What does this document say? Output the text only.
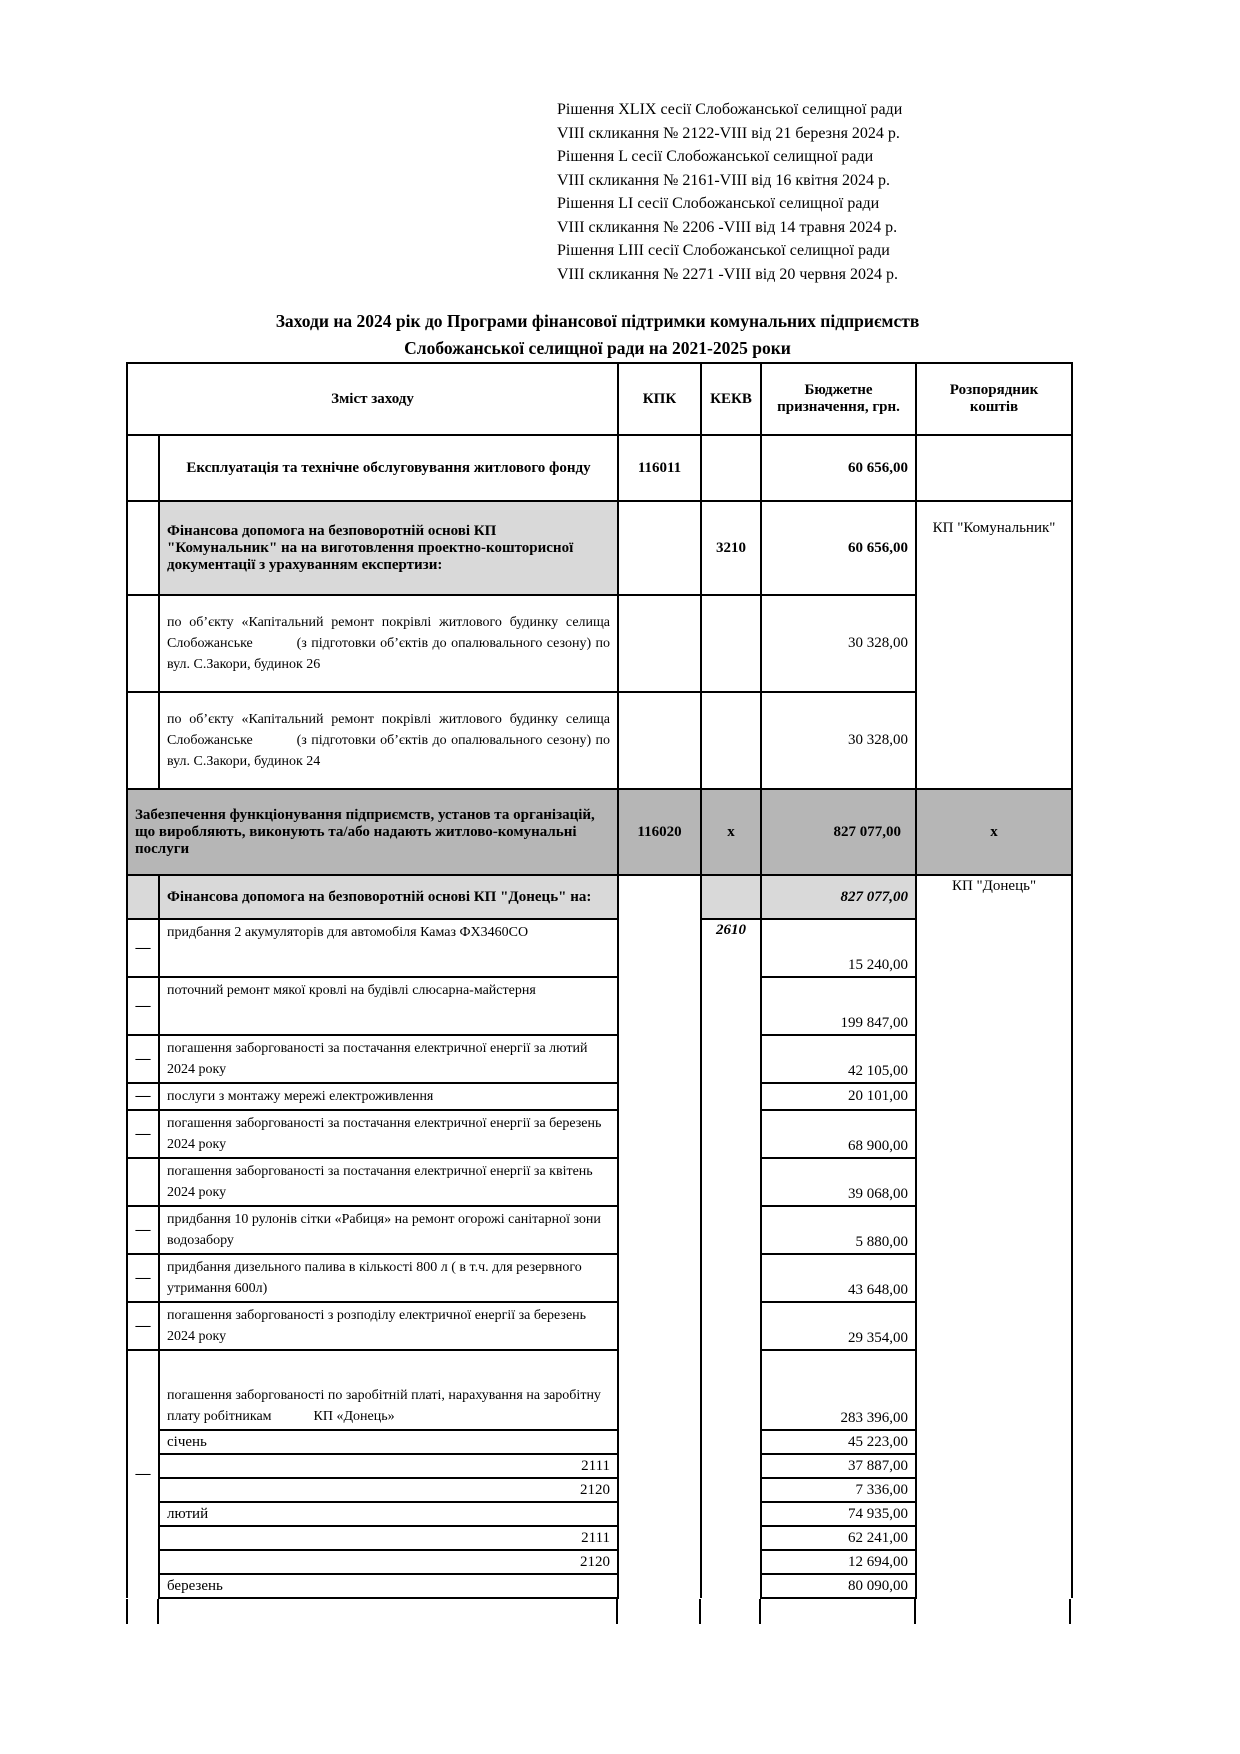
Рішення XLIX сесії Слобожанської селищної ради
VIII скликання № 2122-VIII від 21 березня 2024 р.
Рішення L сесії Слобожанської селищної ради
VIII скликання № 2161-VIII від 16 квітня 2024 р.
Рішення LI сесії Слобожанської селищної ради
VIII скликання № 2206 -VIII від 14 травня 2024 р.
Рішення LIII сесії Слобожанської селищної ради
VIII скликання № 2271 -VIII від 20 червня 2024 р.
Заходи на 2024 рік до Програми фінансової підтримки комунальних підприємств
Слобожанської селищної ради на 2021-2025 роки
Зміст заходу		КПК	КЕКВ	Бюджетне призначення, грн.	Розпорядник коштів
	Експлуатація та технічне обслуговування житлового фонду	116011		60 656,00	
	Фінансова допомога на безповоротній основі КП "Комунальник" на на виготовлення проектно-кошторисної документації з урахуванням експертизи:		3210	60 656,00	КП "Комунальник"
	по об’єкту «Капітальний ремонт покрівлі житлового будинку селища Слобожанське          (з підготовки об’єктів до опалювального сезону) по вул. С.Закори, будинок 26			30 328,00	
	по об’єкту «Капітальний ремонт покрівлі житлового будинку селища Слобожанське          (з підготовки об’єктів до опалювального сезону) по вул. С.Закори, будинок 24			30 328,00	
Забезпечення функціонування підприємств, установ та організацій, що виробляють, виконують та/або надають житлово-комунальні послуги		116020	x	827 077,00	x
	Фінансова допомога на безповоротній основі КП "Донець" на:			827 077,00	КП "Донець"
—	придбання 2 акумуляторів для автомобіля Камаз ФХ3460СО		2610	15 240,00	
—	поточний ремонт мякої кровлі на будівлі слюсарна-майстерня			199 847,00	
—	погашення заборгованості за постачання електричної енергії за лютий 2024 року			42 105,00	
—	послуги з монтажу мережі електроживлення			20 101,00	
—	погашення заборгованості за постачання електричної енергії за березень 2024 року			68 900,00	
	погашення заборгованості за постачання електричної енергії за квітень 2024 року			39 068,00	
—	придбання 10 рулонів сітки «Рабиця» на ремонт огорожі санітарної зони водозабору			5 880,00	
—	придбання дизельного палива в кількості 800 л ( в т.ч. для резервного утримання 600л)			43 648,00	
—	погашення заборгованості з розподілу електричної енергії за березень 2024 року			29 354,00	
—	погашення заборгованості по заробітній платі, нарахування на заробітну плату робітникам            КП «Донець»			283 396,00	
	січень			45 223,00	
	2111			37 887,00	
	2120			7 336,00	
	лютий			74 935,00	
	2111			62 241,00	
	2120			12 694,00	
	березень			80 090,00	
